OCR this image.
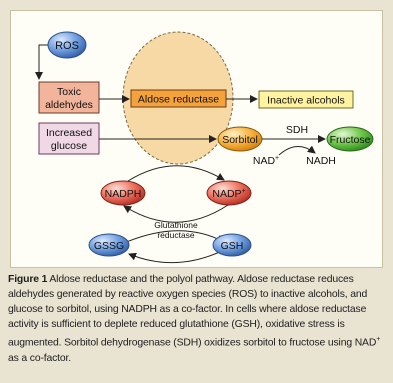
ROS
Toxic
aldehydes	Aldose reductase	Inactive alcohols
Increased
glucose	Sorbitol
SDH
NAD+	NADH
Fructose
NADPH	NADP+
Glutathione
reductase
GSSG	GSH
Figure 1 Aldose reductase and the polyol pathway. Aldose reductase reduces aldehydes generated by reactive oxygen species (ROS) to inactive alcohols, and glucose to sorbitol, using NADPH as a co-factor. In cells where aldose reductase activity is sufficient to deplete reduced glutathione (GSH), oxidative stress is augmented. Sorbitol dehydrogenase (SDH) oxidizes sorbitol to fructose using NAD+ as a co-factor.
